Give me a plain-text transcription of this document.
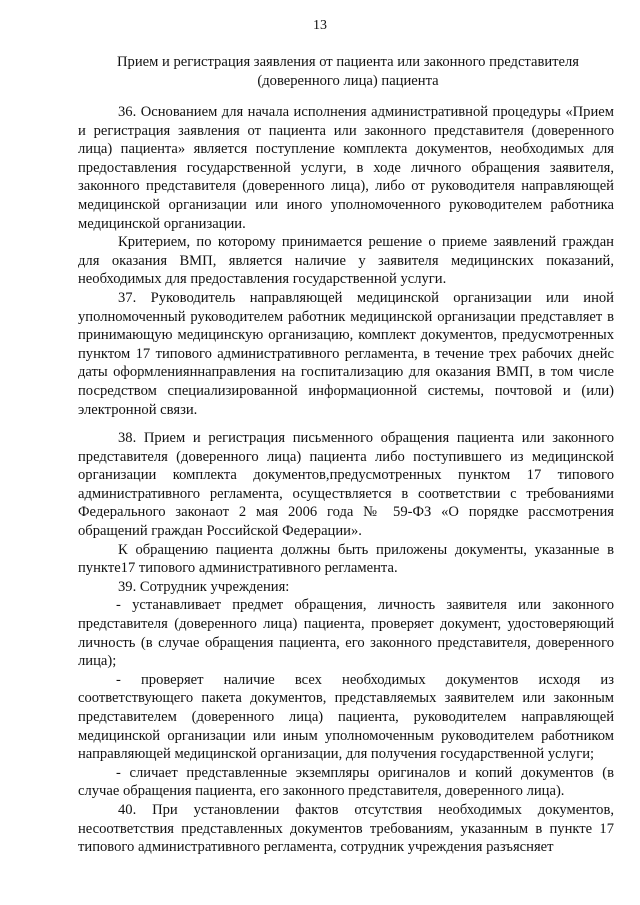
13
Прием и регистрация заявления от пациента или законного представителя
(доверенного лица) пациента

36. Основанием для начала исполнения административной процедуры «Прием и регистрация заявления от пациента или законного представителя (доверенного лица) пациента» является поступление комплекта документов, необходимых для предоставления государственной услуги, в ходе личного обращения заявителя, законного представителя (доверенного лица), либо от руководителя направляющей медицинской организации или иного уполномоченного руководителем работника медицинской организации.

Критерием, по которому принимается решение о приеме заявлений граждан для оказания ВМП, является наличие у заявителя медицинских показаний, необходимых для предоставления государственной услуги.

37. Руководитель направляющей медицинской организации или иной уполномоченный руководителем работник медицинской организации представляет в принимающую медицинскую организацию, комплект документов, предусмотренных пунктом 17 типового административного регламента, в течение трех рабочих днейс даты оформленияннаправления на госпитализацию для оказания ВМП, в том числе посредством специализированной информационной системы, почтовой и (или) электронной связи.

38. Прием и регистрация письменного обращения пациента или законного представителя (доверенного лица) пациента либо поступившего из медицинской организации комплекта документов,предусмотренных пунктом 17 типового административного регламента, осуществляется в соответствии с требованиями Федерального законаот 2 мая 2006 года № 59-ФЗ «О порядке рассмотрения обращений граждан Российской Федерации».

К обращению пациента должны быть приложены документы, указанные в пункте17 типового административного регламента.

39. Сотрудник учреждения:

- устанавливает предмет обращения, личность заявителя или законного представителя (доверенного лица) пациента, проверяет документ, удостоверяющий личность (в случае обращения пациента, его законного представителя, доверенного лица);

- проверяет наличие всех необходимых документов исходя из соответствующего пакета документов, представляемых заявителем или законным представителем (доверенного лица) пациента, руководителем направляющей медицинской организации или иным уполномоченным руководителем работником направляющей медицинской организации, для получения государственной услуги;

- сличает представленные экземпляры оригиналов и копий документов (в случае обращения пациента, его законного представителя, доверенного лица).

40. При установлении фактов отсутствия необходимых документов, несоответствия представленных документов требованиям, указанным в пункте 17 типового административного регламента, сотрудник учреждения разъясняет
